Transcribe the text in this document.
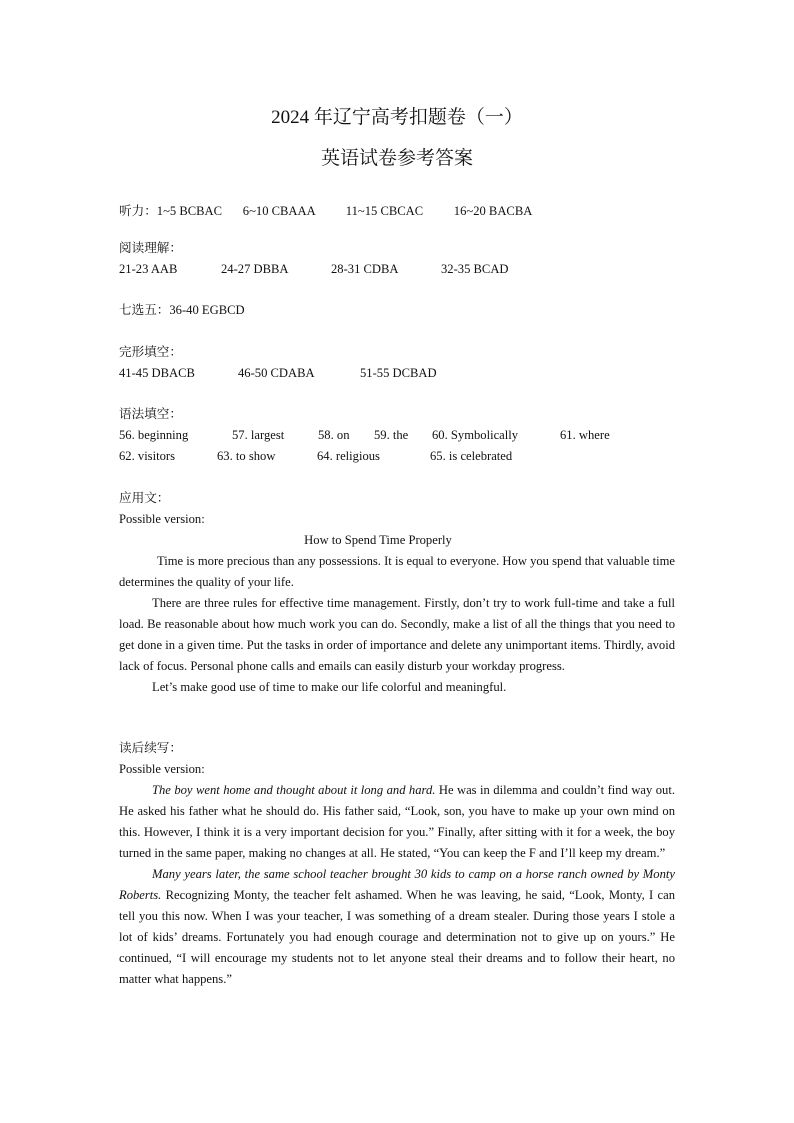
2024 年辽宁高考扣题卷（一）
英语试卷参考答案
听力：1~5 BCBAC 6~10 CBAAA 11~15 CBCAC 16~20 BACBA
阅读理解：
21-23 AAB	24-27 DBBA	28-31 CDBA	32-35 BCAD
七选五：36-40 EGBCD
完形填空：
41-45 DBACB	46-50 CDABA	51-55 DCBAD
语法填空：
56. beginning	57. largest	58. on 59. the 60. Symbolically	61. where
62. visitors	63. to show	64. religious	65. is celebrated
应用文：
Possible version:
How to Spend Time Properly

Time is more precious than any possessions. It is equal to everyone. How you spend that valuable time determines the quality of your life.

There are three rules for effective time management. Firstly, don’t try to work full-time and take a full load. Be reasonable about how much work you can do. Secondly, make a list of all the things that you need to get done in a given time. Put the tasks in order of importance and delete any unimportant items. Thirdly, avoid lack of focus. Personal phone calls and emails can easily disturb your workday progress.

Let’s make good use of time to make our life colorful and meaningful.

读后续写：
Possible version:

The boy went home and thought about it long and hard. He was in dilemma and couldn’t find way out. He asked his father what he should do. His father said, “Look, son, you have to make up your own mind on this. However, I think it is a very important decision for you.” Finally, after sitting with it for a week, the boy turned in the same paper, making no changes at all. He stated, “You can keep the F and I’ll keep my dream.”

Many years later, the same school teacher brought 30 kids to camp on a horse ranch owned by Monty Roberts. Recognizing Monty, the teacher felt ashamed. When he was leaving, he said, “Look, Monty, I can tell you this now. When I was your teacher, I was something of a dream stealer. During those years I stole a lot of kids’ dreams. Fortunately you had enough courage and determination not to give up on yours.” He continued, “I will encourage my students not to let anyone steal their dreams and to follow their heart, no matter what happens.”
